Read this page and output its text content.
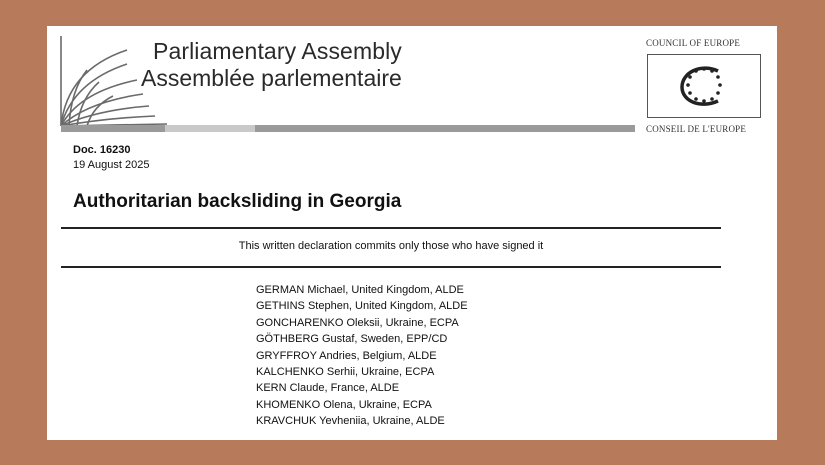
Parliamentary Assembly
Assemblée parlementaire
COUNCIL OF EUROPE
CONSEIL DE L'EUROPE
Doc. 16230
19 August 2025
Authoritarian backsliding in Georgia
This written declaration commits only those who have signed it
GERMAN Michael, United Kingdom, ALDE
GETHINS Stephen, United Kingdom, ALDE
GONCHARENKO Oleksii, Ukraine, ECPA
GÖTHBERG Gustaf, Sweden, EPP/CD
GRYFFROY Andries, Belgium, ALDE
KALCHENKO Serhii, Ukraine, ECPA
KERN Claude, France, ALDE
KHOMENKO Olena, Ukraine, ECPA
KRAVCHUK Yevheniia, Ukraine, ALDE
